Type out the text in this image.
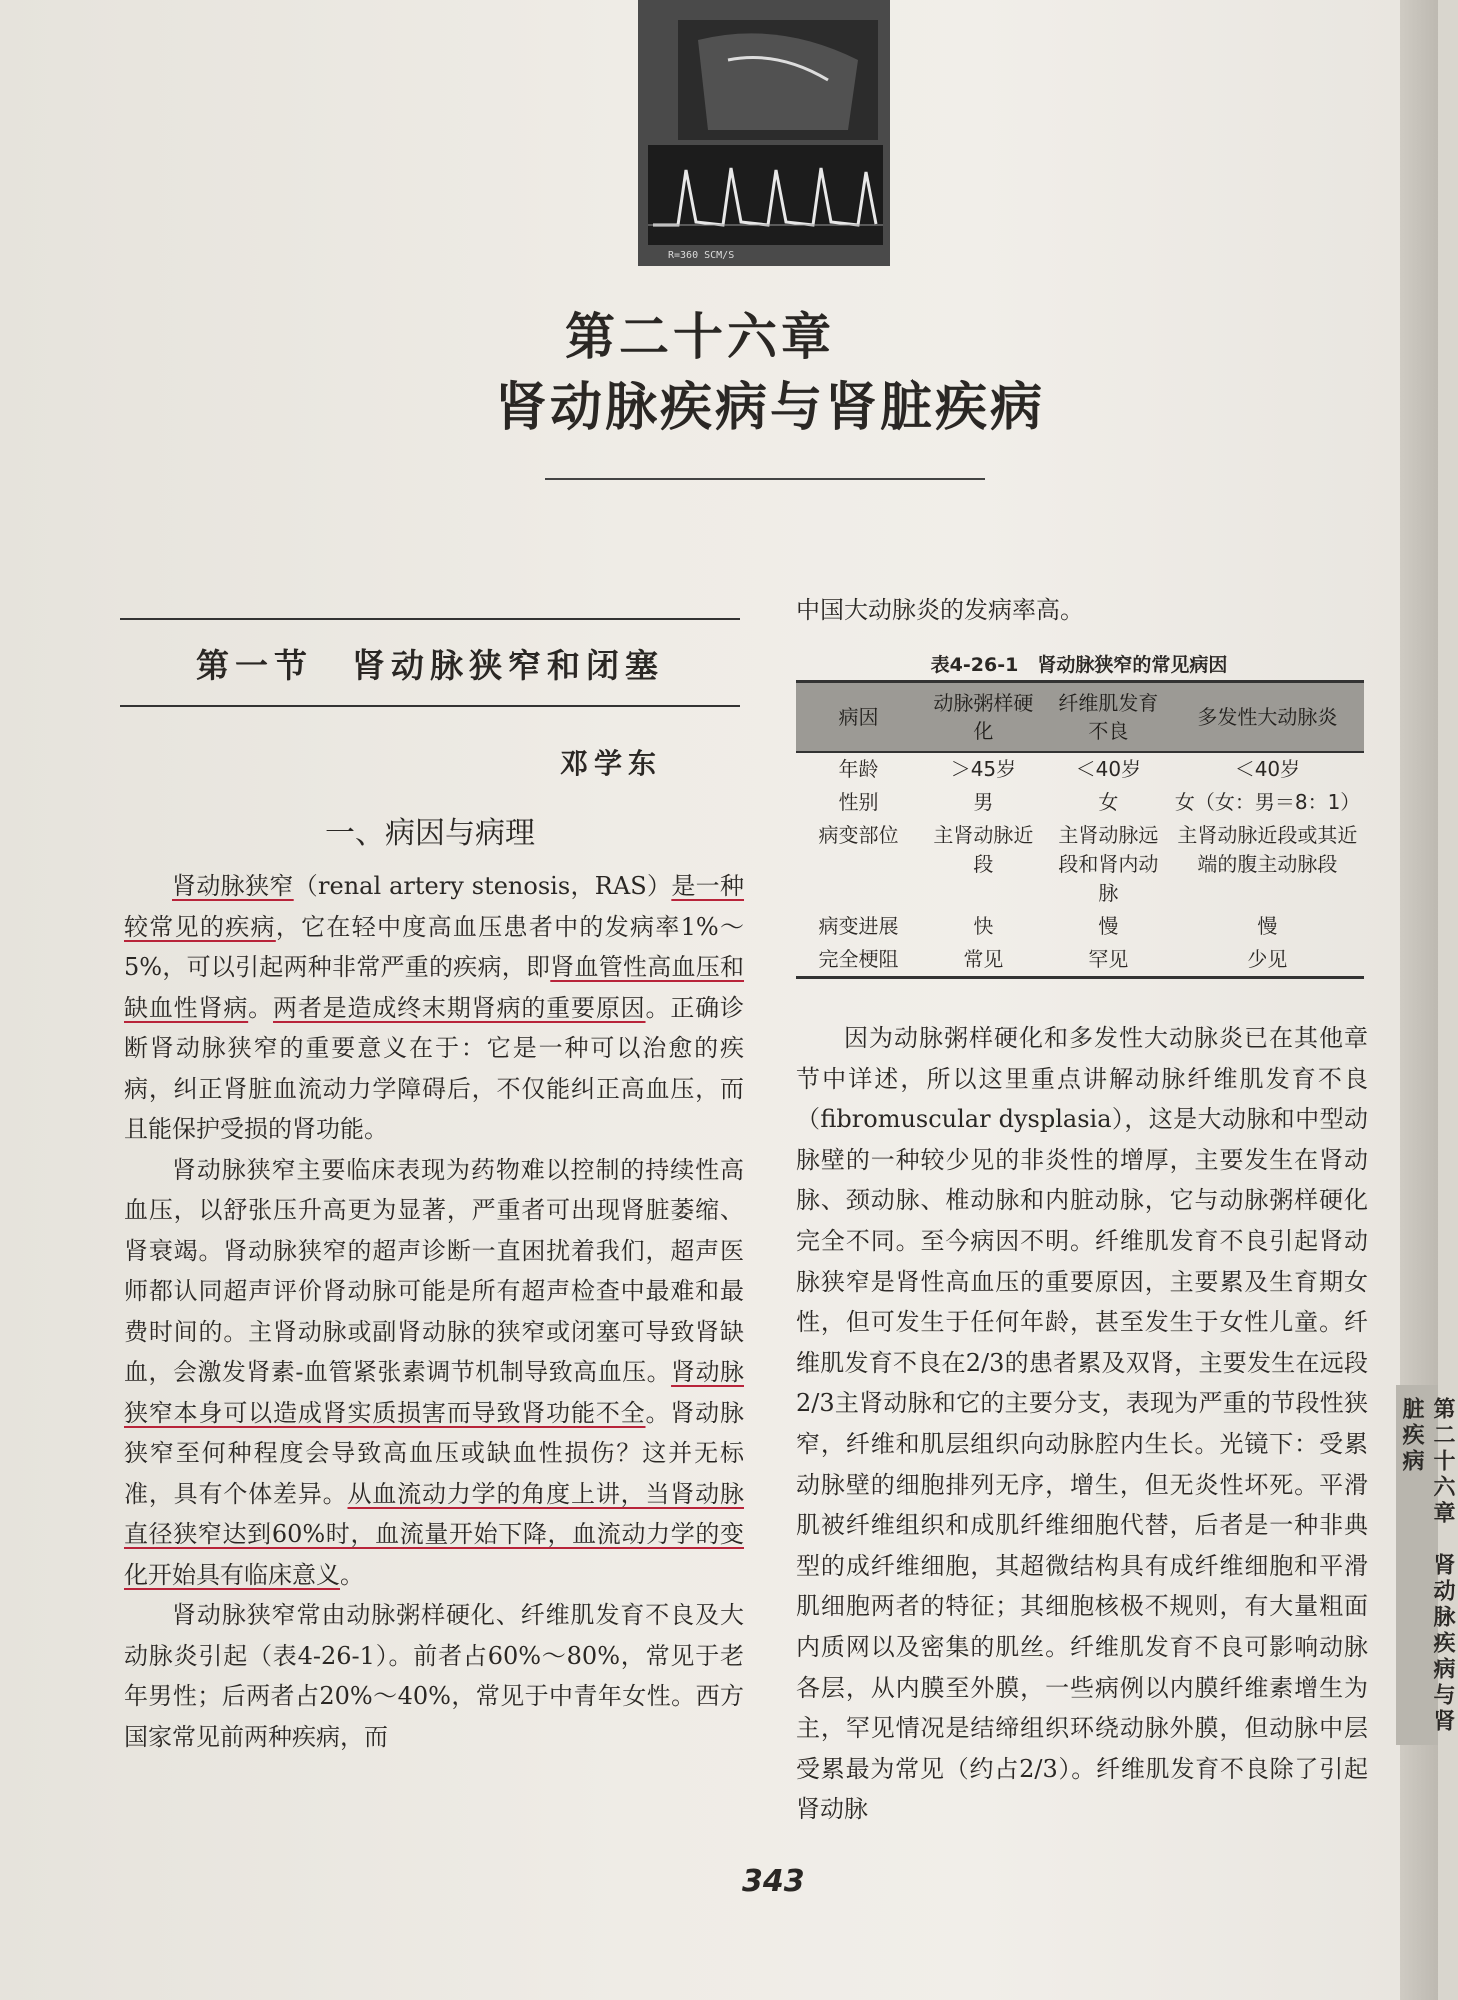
R=360 SCM/S
第二十六章
肾动脉疾病与肾脏疾病
第一节　肾动脉狭窄和闭塞
邓学东
一、病因与病理

肾动脉狭窄（renal artery stenosis，RAS）是一种较常见的疾病，它在轻中度高血压患者中的发病率1%～5%，可以引起两种非常严重的疾病，即肾血管性高血压和缺血性肾病。两者是造成终末期肾病的重要原因。正确诊断肾动脉狭窄的重要意义在于：它是一种可以治愈的疾病，纠正肾脏血流动力学障碍后，不仅能纠正高血压，而且能保护受损的肾功能。

肾动脉狭窄主要临床表现为药物难以控制的持续性高血压，以舒张压升高更为显著，严重者可出现肾脏萎缩、肾衰竭。肾动脉狭窄的超声诊断一直困扰着我们，超声医师都认同超声评价肾动脉可能是所有超声检查中最难和最费时间的。主肾动脉或副肾动脉的狭窄或闭塞可导致肾缺血，会激发肾素-血管紧张素调节机制导致高血压。肾动脉狭窄本身可以造成肾实质损害而导致肾功能不全。肾动脉狭窄至何种程度会导致高血压或缺血性损伤？这并无标准，具有个体差异。从血流动力学的角度上讲，当肾动脉直径狭窄达到60%时，血流量开始下降，血流动力学的变化开始具有临床意义。

肾动脉狭窄常由动脉粥样硬化、纤维肌发育不良及大动脉炎引起（表4-26-1）。前者占60%～80%，常见于老年男性；后两者占20%～40%，常见于中青年女性。西方国家常见前两种疾病，而

中国大动脉炎的发病率高。
表4-26-1　肾动脉狭窄的常见病因
病因	动脉粥样硬化	纤维肌发育不良	多发性大动脉炎
年龄	＞45岁	＜40岁	＜40岁
性别	男	女	女（女：男＝8：1）
病变部位	主肾动脉近段	主肾动脉远段和肾内动脉	主肾动脉近段或其近端的腹主动脉段
病变进展	快	慢	慢
完全梗阻	常见	罕见	少见

因为动脉粥样硬化和多发性大动脉炎已在其他章节中详述，所以这里重点讲解动脉纤维肌发育不良（fibromuscular dysplasia），这是大动脉和中型动脉壁的一种较少见的非炎性的增厚，主要发生在肾动脉、颈动脉、椎动脉和内脏动脉，它与动脉粥样硬化完全不同。至今病因不明。纤维肌发育不良引起肾动脉狭窄是肾性高血压的重要原因，主要累及生育期女性，但可发生于任何年龄，甚至发生于女性儿童。纤维肌发育不良在2/3的患者累及双肾，主要发生在远段2/3主肾动脉和它的主要分支，表现为严重的节段性狭窄，纤维和肌层组织向动脉腔内生长。光镜下：受累动脉壁的细胞排列无序，增生，但无炎性坏死。平滑肌被纤维组织和成肌纤维细胞代替，后者是一种非典型的成纤维细胞，其超微结构具有成纤维细胞和平滑肌细胞两者的特征；其细胞核极不规则，有大量粗面内质网以及密集的肌丝。纤维肌发育不良可影响动脉各层，从内膜至外膜，一些病例以内膜纤维素增生为主，罕见情况是结缔组织环绕动脉外膜，但动脉中层受累最为常见（约占2/3）。纤维肌发育不良除了引起肾动脉

343
第二十六章　肾动脉疾病与肾脏疾病
